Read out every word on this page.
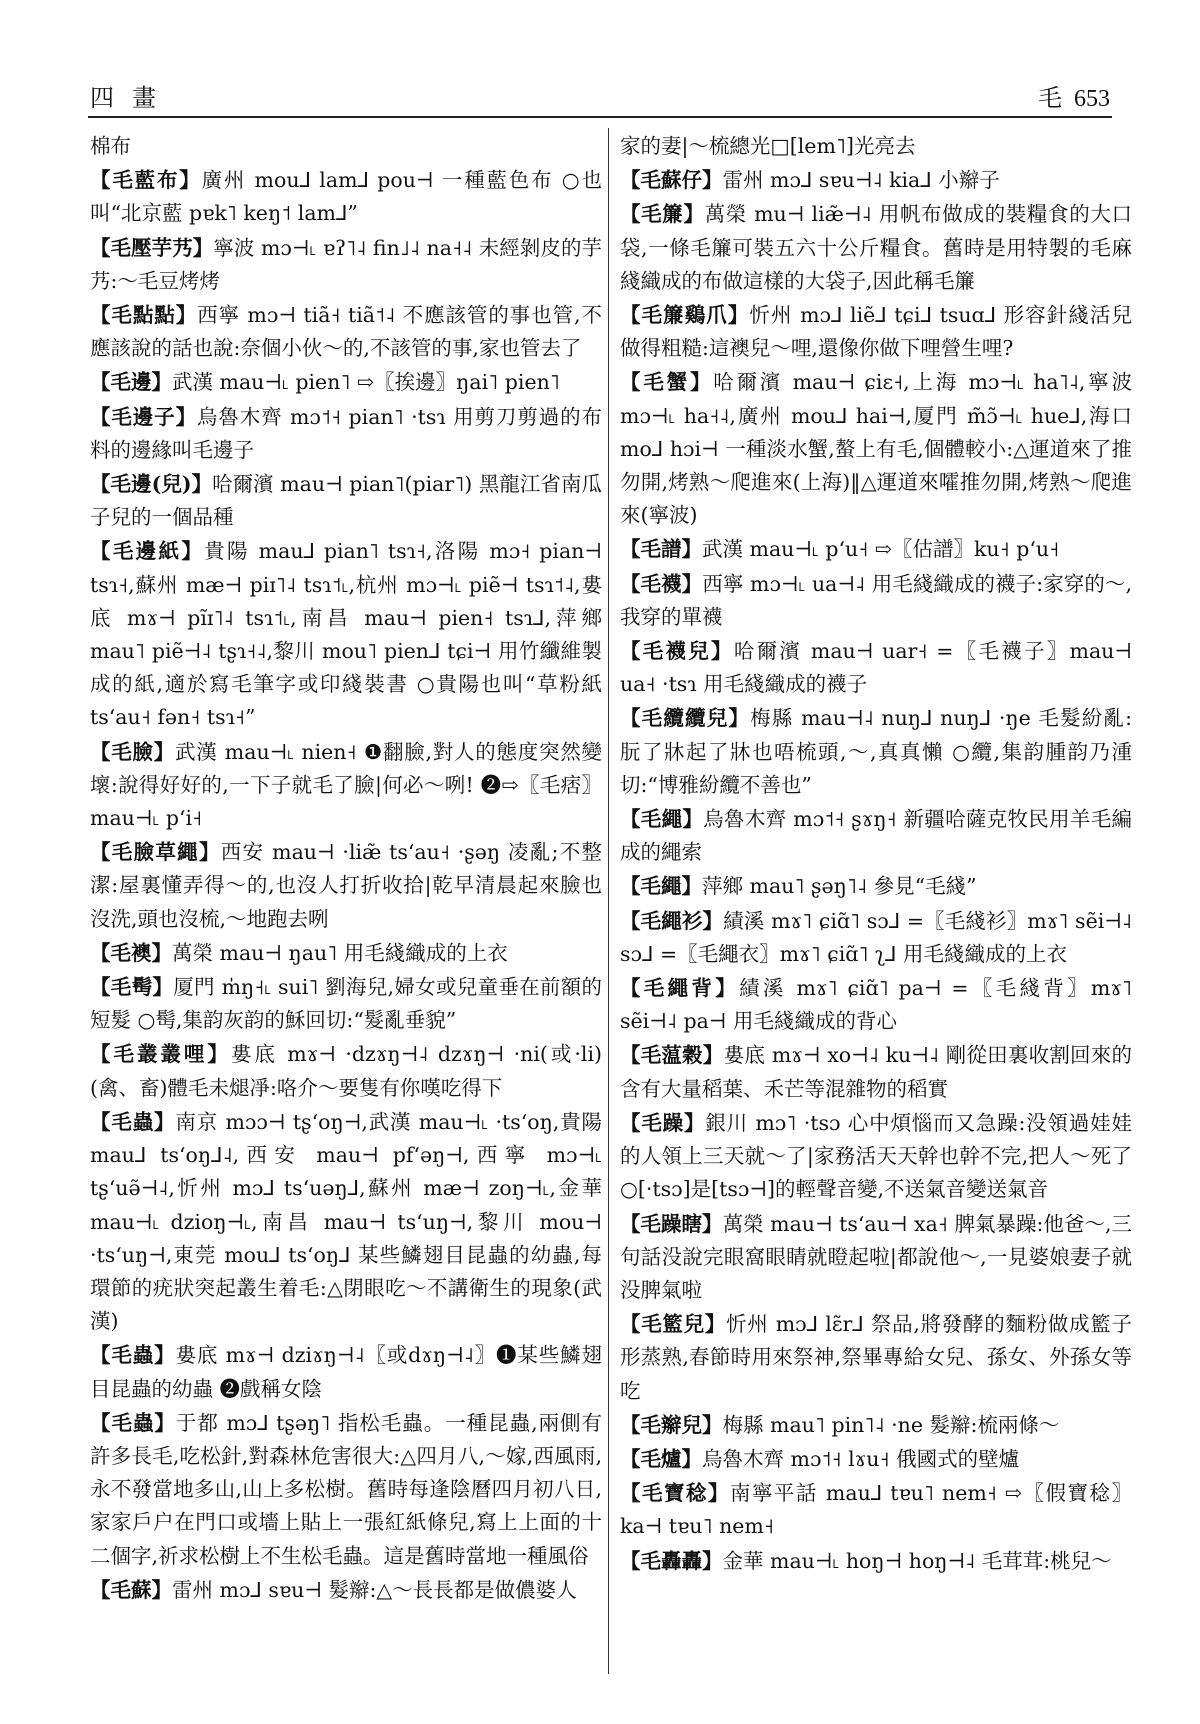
四畫	毛 653

棉布

【毛藍布】廣州 mou⅃ lam⅃ pou⊣ 一種藍色布 ○也叫“北京藍 pɐk˥ keŋ˦ lam⅃”

【毛壓芋艿】寧波 mɔ⊣˪ ɐʔ˥˨ fin˩˨ na˧˨ 未經剝皮的芋艿:～毛豆烤烤

【毛點點】西寧 mɔ⊣ tiã˧ tiã˦˨ 不應該管的事也管,不應該說的話也說:奈個小伙～的,不該管的事,家也管去了

【毛邊】武漢 mau⊣˪ pien˥ ⇨〖挨邊〗ŋai˥ pien˥

【毛邊子】烏魯木齊 mɔ˦˧ pian˥ ·tsɿ 用剪刀剪過的布料的邊緣叫毛邊子

【毛邊(兒)】哈爾濱 mau⊣ pian˥(piar˥) 黑龍江省南瓜子兒的一個品種

【毛邊紙】貴陽 mau⅃ pian˥ tsɿ˧,洛陽 mɔ˧ pian⊣ tsɿ˧,蘇州 mæ⊣ piɪ˥˨ tsɿ˦˪,杭州 mɔ⊣˪ piẽ⊣ tsɿ˦˨,婁底 mɤ⊣ pĩɪ˥˨ tsɿ˦˪,南昌 mau⊣ pien˧ tsɿ⅃,萍鄉 mau˥ piẽ⊣˨ tʂɿ˧˨,黎川 mou˥ pien⅃ tɕi⊣ 用竹纖維製成的紙,適於寫毛筆字或印綫裝書 ○貴陽也叫“草粉紙 tsʻau˧ fən˧ tsɿ˧”

【毛臉】武漢 mau⊣˪ nien˧ ❶翻臉,對人的態度突然變壞:說得好好的,一下子就毛了臉|何必～咧! ❷⇨〖毛痞〗mau⊣˪ pʻi˧

【毛臉草繩】西安 mau⊣ ·liæ̃ tsʻau˧ ·ʂəŋ 凌亂;不整潔:屋裏懂弄得～的,也沒人打折收拾|乾早清晨起來臉也沒洗,頭也沒梳,～地跑去咧

【毛襖】萬榮 mau⊣ ŋau˥ 用毛綫織成的上衣

【毛髩】厦門 m̍ŋ˧˪ sui˥ 劉海兒,婦女或兒童垂在前額的短髮 ○髩,集韵灰韵的穌回切:“髮亂垂貌”

【毛叢叢哩】婁底 mɤ⊣ ·dzɤŋ⊣˨ dzɤŋ⊣ ·ni(或·li)(禽、畜)體毛未煺凈:咯介～要隻有你嘆吃得下

【毛蟲】南京 mɔɔ⊣ tʂʻoŋ⊣,武漢 mau⊣˪ ·tsʻoŋ,貴陽 mau⅃ tsʻoŋ⅃˨,西安 mau⊣ pfʻəŋ⊣,西寧 mɔ⊣˪ tʂʻuə̃⊣˨,忻州 mɔ⅃ tsʻuəŋ⅃,蘇州 mæ⊣ zoŋ⊣˪,金華 mau⊣˪ dzioŋ⊣˪,南昌 mau⊣ tsʻuŋ⊣,黎川 mou⊣ ·tsʻuŋ⊣,東莞 mou⅃ tsʻoŋ⅃ 某些鱗翅目昆蟲的幼蟲,每環節的疣狀突起叢生着毛:△閉眼吃～不講衛生的現象(武漢)

【毛蟲】婁底 mɤ⊣ dziɤŋ⊣˨〖或dɤŋ⊣˨〗❶某些鱗翅目昆蟲的幼蟲 ❷戲稱女陰

【毛蟲】于都 mɔ⅃ tʂəŋ˥ 指松毛蟲。一種昆蟲,兩側有許多長毛,吃松針,對森林危害很大:△四月八,～嫁,西風雨,永不發當地多山,山上多松樹。舊時每逢陰曆四月初八日,家家戶户在門口或墻上貼上一張紅紙條兒,寫上上面的十二個字,祈求松樹上不生松毛蟲。這是舊時當地一種風俗

【毛蘇】雷州 mɔ⅃ sɐu⊣ 髮辮:△～長長都是做儂婆人

家的妻|～梳總光□[lem˥]光亮去

【毛蘇仔】雷州 mɔ⅃ sɐu⊣˨ kia⅃ 小辮子

【毛簾】萬榮 mu⊣ liæ̃⊣˨ 用帆布做成的裝糧食的大口袋,一條毛簾可裝五六十公斤糧食。舊時是用特製的毛麻綫織成的布做這樣的大袋子,因此稱毛簾

【毛簾鷄爪】忻州 mɔ⅃ liẽ⅃ tɕi⅃ tsuɑ⅃ 形容針綫活兒做得粗糙:這襖兒～哩,還像你做下哩營生哩?

【毛蟹】哈爾濱 mau⊣ ɕiɛ˧,上海 mɔ⊣˪ ha˥˨,寧波 mɔ⊣˪ ha˧˨,廣州 mou⅃ hai⊣,厦門 m̃ɔ̃⊣˪ hue⅃,海口 mo⅃ hɔi⊣ 一種淡水蟹,螯上有毛,個體較小:△運道來了推勿開,烤熟～爬進來(上海)‖△運道來嚯推勿開,烤熟～爬進來(寧波)

【毛譜】武漢 mau⊣˪ pʻu˧ ⇨〖估譜〗ku˧ pʻu˧

【毛襪】西寧 mɔ⊣˪ ua⊣˨ 用毛綫織成的襪子:家穿的～,我穿的單襪

【毛襪兒】哈爾濱 mau⊣ uar˧ =〖毛襪子〗mau⊣ ua˧ ·tsɿ 用毛綫織成的襪子

【毛纜纜兒】梅縣 mau⊣˨ nuŋ⅃ nuŋ⅃ ·ŋe 毛髮紛亂:朊了牀起了牀也唔梳頭,～,真真懶 ○纜,集韵腫韵乃湩切:“博雅紛纜不善也”

【毛繩】烏魯木齊 mɔ˦˧ ʂɤŋ˧ 新疆哈薩克牧民用羊毛編成的繩索

【毛繩】萍鄉 mau˥ ʂəŋ˥˨ 參見“毛綫”

【毛繩衫】績溪 mɤ˥ ɕiɑ̃˥ sɔ⅃ =〖毛綫衫〗mɤ˥ sẽi⊣˨ sɔ⅃ =〖毛繩衣〗mɤ˥ ɕiɑ̃˥ ʅ⅃ 用毛綫織成的上衣

【毛繩背】績溪 mɤ˥ ɕiɑ̃˥ pa⊣ =〖毛綫背〗mɤ˥ sẽi⊣˨ pa⊣ 用毛綫織成的背心

【毛蕰穀】婁底 mɤ⊣ xo⊣˨ ku⊣˨ 剛從田裏收割回來的含有大量稻葉、禾芒等混雜物的稻實

【毛躁】銀川 mɔ˥ ·tsɔ 心中煩惱而又急躁:没領過娃娃的人領上三天就～了|家務活天天幹也幹不完,把人～死了 ○[·tsɔ]是[tsɔ⊣]的輕聲音變,不送氣音變送氣音

【毛躁瞎】萬榮 mau⊣ tsʻau⊣ xa˧ 脾氣暴躁:他爸～,三句話没說完眼窩眼睛就瞪起啦|都說他～,一見婆娘妻子就没脾氣啦

【毛籃兒】忻州 mɔ⅃ lɛ̃r⅃ 祭品,將發酵的麵粉做成籃子形蒸熟,春節時用來祭神,祭畢專給女兒、孫女、外孫女等吃

【毛辮兒】梅縣 mau˥ pin˥˨ ·ne 髮辮:梳兩條～

【毛爐】烏魯木齊 mɔ˦˧ lɤu˧ 俄國式的壁爐

【毛寶稔】南寧平話 mau⅃ tɐu˥ nem˧ ⇨〖假寶稔〗ka⊣ tɐu˥ nem˧

【毛轟轟】金華 mau⊣˪ hoŋ⊣ hoŋ⊣˨ 毛茸茸:桃兒～
